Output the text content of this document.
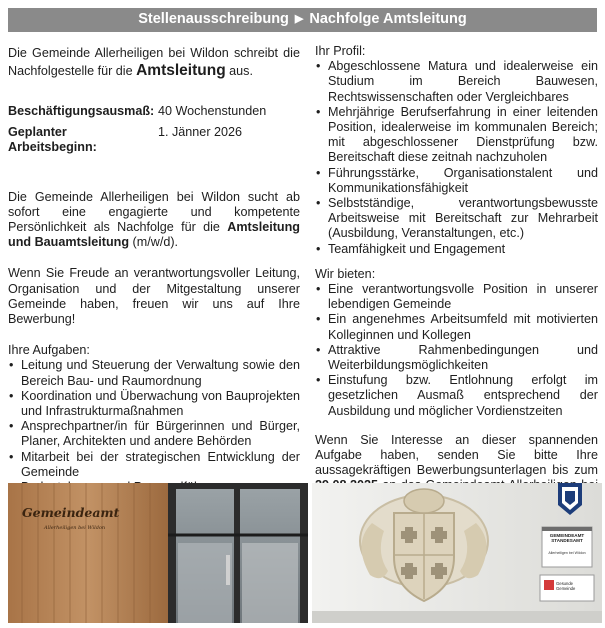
Stellenausschreibung ▶ Nachfolge Amtsleitung

Die Gemeinde Allerheiligen bei Wildon schreibt die Nachfolgestelle für die Amtsleitung aus.

Beschäftigungsausmaß: 40 Wochenstunden
Geplanter Arbeitsbeginn:
1. Jänner 2026

Die Gemeinde Allerheiligen bei Wildon sucht ab sofort eine engagierte und kompetente Persönlichkeit als Nachfolge für die Amtsleitung und Bauamtsleitung (m/w/d).

Wenn Sie Freude an verantwortungsvoller Leitung, Organisation und der Mitgestaltung unserer Gemeinde haben, freuen wir uns auf Ihre Bewerbung!

Ihre Aufgaben:

• Leitung und Steuerung der Verwaltung sowie den Bereich Bau- und Raumordnung
• Koordination und Überwachung von Bauprojekten und Infrastrukturmaßnahmen
• Ansprechpartner/in für Bürgerinnen und Bürger, Planer, Architekten und andere Behörden
• Mitarbeit bei der strategischen Entwicklung der Gemeinde
•

Ihr Profil:

• Abgeschlossene Matura und idealerweise ein Studium im Bereich Bauwesen, Rechtswissenschaften oder Vergleichbares
• Mehrjährige Berufserfahrung in einer leitenden Position, idealerweise im kommunalen Bereich; mit abgeschlossener Dienstprüfung bzw. Bereitschaft diese zeitnah nachzuholen
• Führungsstärke, Organisationstalent und Kommunikationsfähigkeit
• Selbstständige, verantwortungsbewusste Arbeitsweise mit Bereitschaft zur Mehrarbeit (Ausbildung, Veranstaltungen, etc.)
• Teamfähigkeit und Engagement

Wir bieten:

• Eine verantwortungsvolle Position in unserer lebendigen Gemeinde
• Ein angenehmes Arbeitsumfeld mit motivierten Kolleginnen und Kollegen
• Attraktive Rahmenbedingungen und Weiterbildungsmöglichkeiten
• Einstufung bzw. Entlohnung erfolgt im gesetzlichen Ausmaß entsprechend der Ausbildung und möglicher Vordienstzeiten

Wenn Sie Interesse an dieser spannenden Aufgabe haben, senden Sie bitte Ihre aussagekräftigen Bewerbungsunterlagen bis zum

Gemeindeamt
Allerheiligen bei Wildon
GEMEINDEAMT STANDESAMT
Allerheiligen bei Wildon
Gesunde Gemeinde
